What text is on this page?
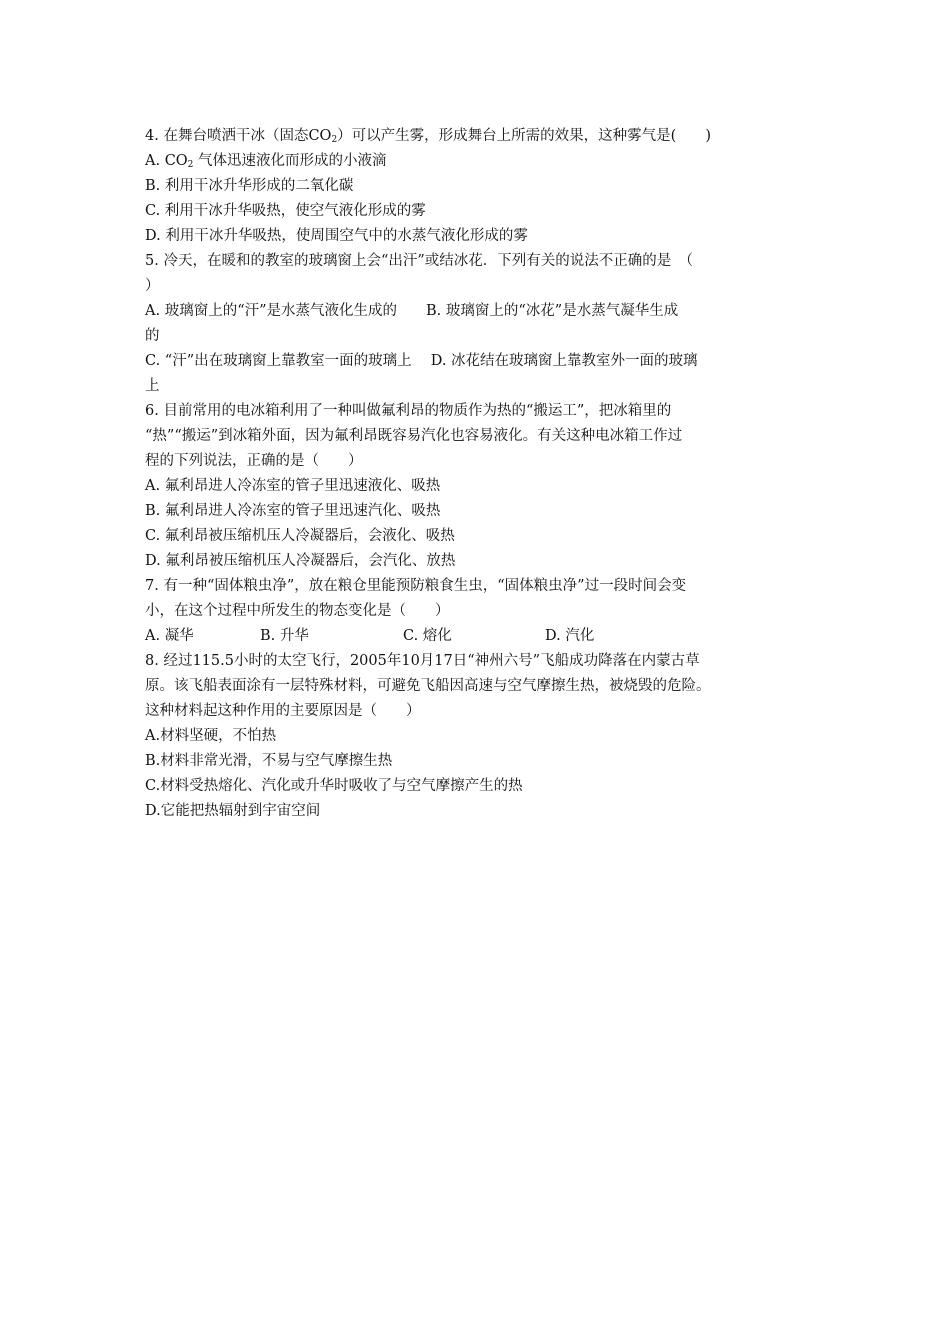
4. 在舞台喷洒干冰（固态$CO_2$）可以产生雾，形成舞台上所需的效果，这种雾气是(　　)
A. $CO_2$ 气体迅速液化而形成的小液滴
B. 利用干冰升华形成的二氧化碳
C. 利用干冰升华吸热，使空气液化形成的雾
D. 利用干冰升华吸热，使周围空气中的水蒸气液化形成的雾
5. 冷天，在暖和的教室的玻璃窗上会“出汗”或结冰花．下列有关的说法不正确的是　（
）
A. 玻璃窗上的“汗”是水蒸气液化生成的　　B. 玻璃窗上的“冰花”是水蒸气凝华生成
的
C. “汗”出在玻璃窗上靠教室一面的玻璃上　 D. 冰花结在玻璃窗上靠教室外一面的玻璃
上
6. 目前常用的电冰箱利用了一种叫做氟利昂的物质作为热的“搬运工”，把冰箱里的
“热”“搬运”到冰箱外面，因为氟利昂既容易汽化也容易液化。有关这种电冰箱工作过
程的下列说法，正确的是（　　）
A. 氟利昂进人冷冻室的管子里迅速液化、吸热
B. 氟利昂进人冷冻室的管子里迅速汽化、吸热
C. 氟利昂被压缩机压人冷凝器后，会液化、吸热
D. 氟利昂被压缩机压人冷凝器后，会汽化、放热
7. 有一种“固体粮虫净”，放在粮仓里能预防粮食生虫，“固体粮虫净”过一段时间会变
小，在这个过程中所发生的物态变化是（　　）
A. 凝华	B. 升华	C. 熔化	D. 汽化
8. 经过115.5小时的太空飞行，2005年10月17日“神州六号”飞船成功降落在内蒙古草
原。该飞船表面涂有一层特殊材料，可避免飞船因高速与空气摩擦生热，被烧毁的危险。
这种材料起这种作用的主要原因是（　　）
A.材料坚硬，不怕热
B.材料非常光滑，不易与空气摩擦生热
C.材料受热熔化、汽化或升华时吸收了与空气摩擦产生的热
D.它能把热辐射到宇宙空间
